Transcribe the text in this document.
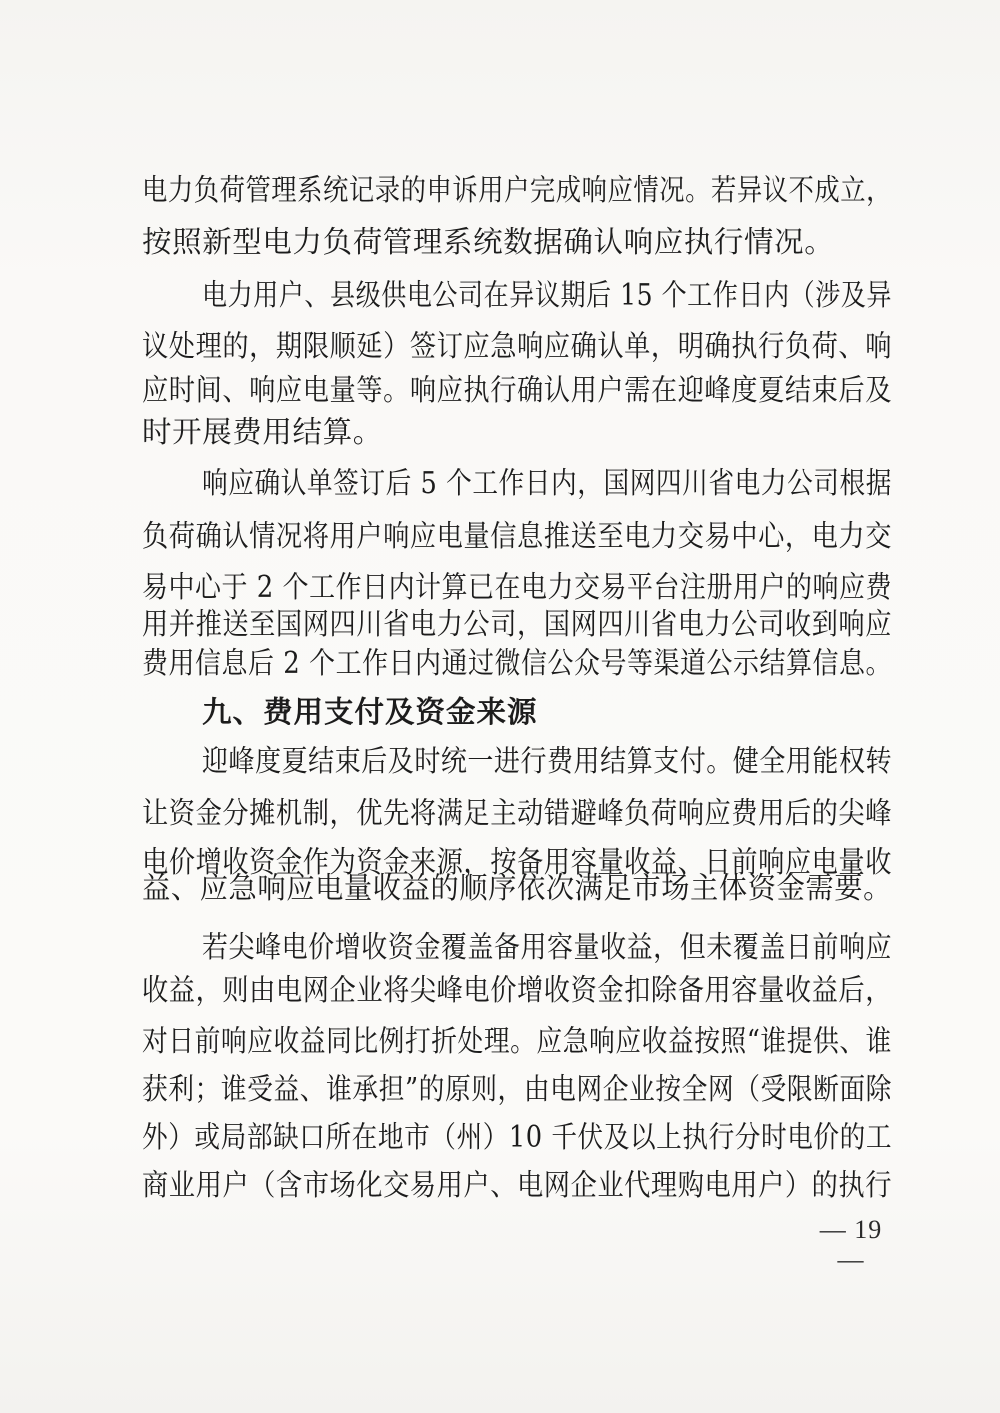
电力负荷管理系统记录的申诉用户完成响应情况。若异议不成立，
按照新型电力负荷管理系统数据确认响应执行情况。
电力用户、县级供电公司在异议期后 15 个工作日内（涉及异
议处理的，期限顺延）签订应急响应确认单，明确执行负荷、响
应时间、响应电量等。响应执行确认用户需在迎峰度夏结束后及
时开展费用结算。
响应确认单签订后 5 个工作日内，国网四川省电力公司根据
负荷确认情况将用户响应电量信息推送至电力交易中心，电力交
易中心于 2 个工作日内计算已在电力交易平台注册用户的响应费
用并推送至国网四川省电力公司，国网四川省电力公司收到响应
费用信息后 2 个工作日内通过微信公众号等渠道公示结算信息。
九、费用支付及资金来源
迎峰度夏结束后及时统一进行费用结算支付。健全用能权转
让资金分摊机制，优先将满足主动错避峰负荷响应费用后的尖峰
电价增收资金作为资金来源，按备用容量收益、日前响应电量收
益、应急响应电量收益的顺序依次满足市场主体资金需要。
若尖峰电价增收资金覆盖备用容量收益，但未覆盖日前响应
收益，则由电网企业将尖峰电价增收资金扣除备用容量收益后，
对日前响应收益同比例打折处理。应急响应收益按照“谁提供、谁
获利；谁受益、谁承担”的原则，由电网企业按全网（受限断面除
外）或局部缺口所在地市（州）10 千伏及以上执行分时电价的工
商业用户（含市场化交易用户、电网企业代理购电用户）的执行
— 19 —
